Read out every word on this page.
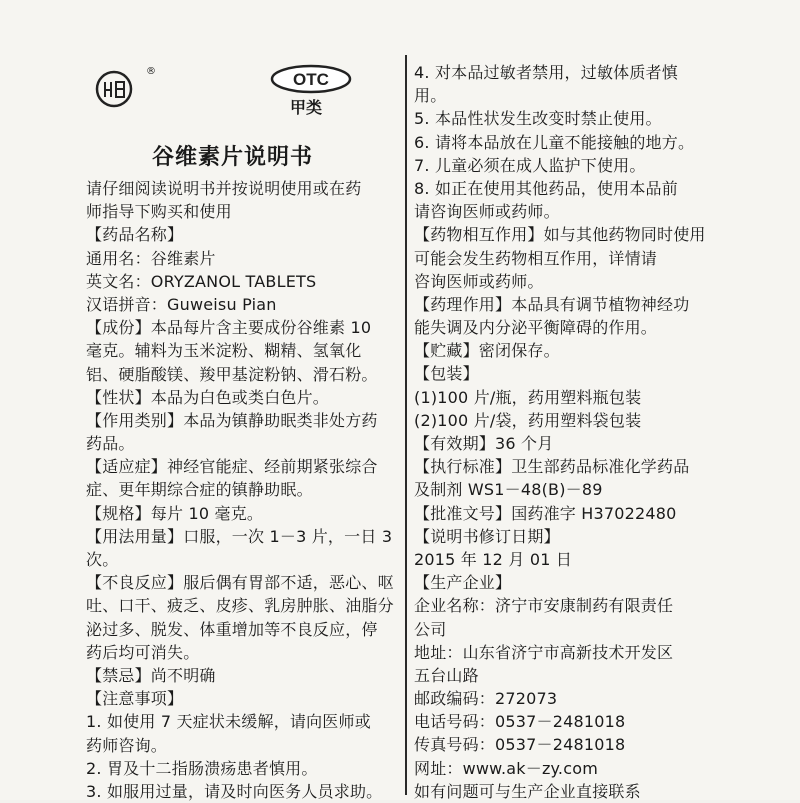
®	OTC
甲类
谷维素片说明书
请仔细阅读说明书并按说明使用或在药
师指导下购买和使用
【药品名称】
通用名：谷维素片
英文名：ORYZANOL TABLETS
汉语拼音：Guweisu Pian
【成份】本品每片含主要成份谷维素 10
毫克。辅料为玉米淀粉、糊精、氢氧化
铝、硬脂酸镁、羧甲基淀粉钠、滑石粉。
【性状】本品为白色或类白色片。
【作用类别】本品为镇静助眠类非处方药
药品。
【适应症】神经官能症、经前期紧张综合
症、更年期综合症的镇静助眠。
【规格】每片 10 毫克。
【用法用量】口服，一次 1－3 片，一日 3
次。
【不良反应】服后偶有胃部不适，恶心、呕
吐、口干、疲乏、皮疹、乳房肿胀、油脂分
泌过多、脱发、体重增加等不良反应，停
药后均可消失。
【禁忌】尚不明确
【注意事项】
1. 如使用 7 天症状未缓解，请向医师或
药师咨询。
2. 胃及十二指肠溃疡患者慎用。
3. 如服用过量，请及时向医务人员求助。
4. 对本品过敏者禁用，过敏体质者慎
用。
5. 本品性状发生改变时禁止使用。
6. 请将本品放在儿童不能接触的地方。
7. 儿童必须在成人监护下使用。
8. 如正在使用其他药品，使用本品前
请咨询医师或药师。
【药物相互作用】如与其他药物同时使用
可能会发生药物相互作用，详情请
咨询医师或药师。
【药理作用】本品具有调节植物神经功
能失调及内分泌平衡障碍的作用。
【贮藏】密闭保存。
【包装】
(1)100 片/瓶，药用塑料瓶包装
(2)100 片/袋，药用塑料袋包装
【有效期】36 个月
【执行标准】卫生部药品标准化学药品
及制剂 WS1－48(B)－89
【批准文号】国药准字 H37022480
【说明书修订日期】
2015 年 12 月 01 日
【生产企业】
企业名称：济宁市安康制药有限责任
公司
地址：山东省济宁市高新技术开发区
五台山路
邮政编码：272073
电话号码：0537－2481018
传真号码：0537－2481018
网址：www.ak－zy.com
如有问题可与生产企业直接联系
